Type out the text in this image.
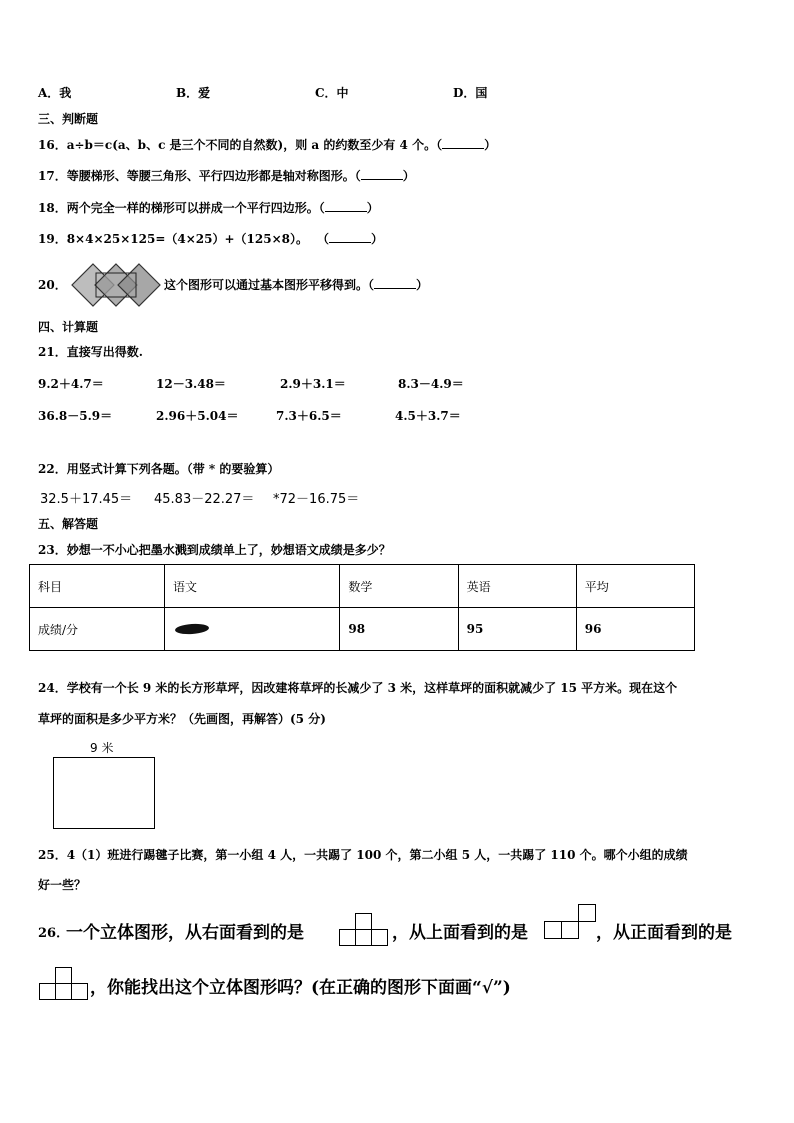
A．我	B．爱	C．中	D．国
三、判断题
16．a÷b＝c(a、b、c 是三个不同的自然数)，则 a 的约数至少有 4 个。（	）
17．等腰梯形、等腰三角形、平行四边形都是轴对称图形。（	）
18．两个完全一样的梯形可以拼成一个平行四边形。（	）
19．8×4×25×125=（4×25）+（125×8）。 （	）
20．	这个图形可以通过基本图形平移得到。（	）
四、计算题
21．直接写出得数.
9.2＋4.7＝	12－3.48＝	2.9＋3.1＝	8.3－4.9＝
36.8－5.9＝	2.96＋5.04＝	7.3＋6.5＝	4.5＋3.7＝
22．用竖式计算下列各题。（带 * 的要验算）
32.5＋17.45＝ 45.83－22.27＝ *72－16.75＝
五、解答题
23．妙想一不小心把墨水溅到成绩单上了，妙想语文成绩是多少？
科目	语文	数学	英语	平均
成绩/分		98	95	96
24．学校有一个长 9 米的长方形草坪，因改建将草坪的长减少了 3 米，这样草坪的面积就减少了 15 平方米。现在这个
草坪的面积是多少平方米？（先画图，再解答）(5 分)
9 米
25．4（1）班进行踢毽子比赛，第一小组 4 人，一共踢了 100 个，第二小组 5 人，一共踢了 110 个。哪个小组的成绩
好一些？
26．
一个立体图形，从右面看到的是	，从上面看到的是	，从正面看到的是
，你能找出这个立体图形吗？(在正确的图形下面画“√”)
